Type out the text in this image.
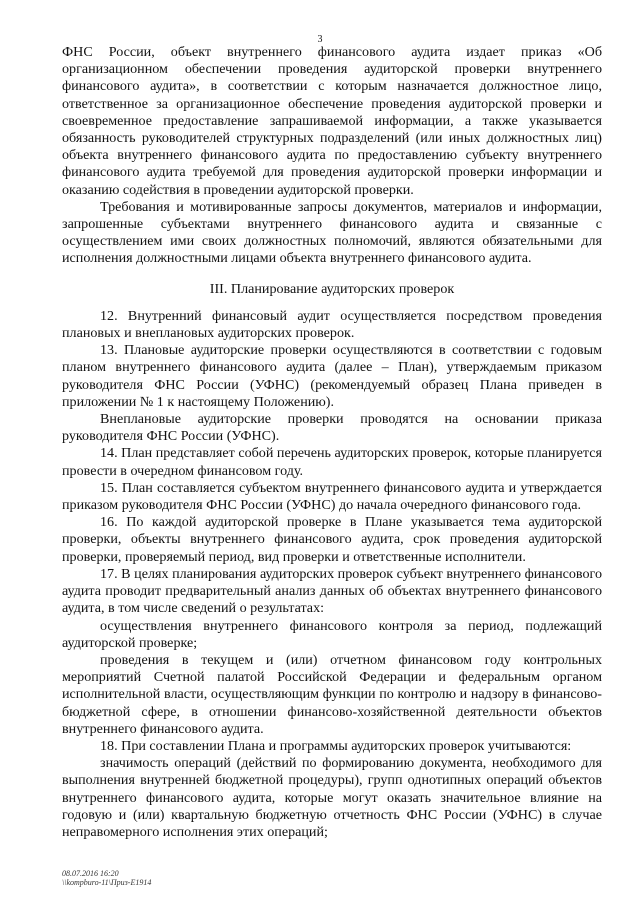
3

ФНС России, объект внутреннего финансового аудита издает приказ «Об организационном обеспечении проведения аудиторской проверки внутреннего финансового аудита», в соответствии с которым назначается должностное лицо, ответственное за организационное обеспечение проведения аудиторской проверки и своевременное предоставление запрашиваемой информации, а также указывается обязанность руководителей структурных подразделений (или иных должностных лиц) объекта внутреннего финансового аудита по предоставлению субъекту внутреннего финансового аудита требуемой для проведения аудиторской проверки информации и оказанию содействия в проведении аудиторской проверки.

Требования и мотивированные запросы документов, материалов и информации, запрошенные субъектами внутреннего финансового аудита и связанные с осуществлением ими своих должностных полномочий, являются обязательными для исполнения должностными лицами объекта внутреннего финансового аудита.

III. Планирование аудиторских проверок

12. Внутренний финансовый аудит осуществляется посредством проведения плановых и внеплановых аудиторских проверок.

13. Плановые аудиторские проверки осуществляются в соответствии с годовым планом внутреннего финансового аудита (далее – План), утверждаемым приказом руководителя ФНС России (УФНС) (рекомендуемый образец Плана приведен в приложении № 1 к настоящему Положению).

Внеплановые аудиторские проверки проводятся на основании приказа руководителя ФНС России (УФНС).

14. План представляет собой перечень аудиторских проверок, которые планируется провести в очередном финансовом году.

15. План составляется субъектом внутреннего финансового аудита и утверждается приказом руководителя ФНС России (УФНС) до начала очередного финансового года.

16. По каждой аудиторской проверке в Плане указывается тема аудиторской проверки, объекты внутреннего финансового аудита, срок проведения аудиторской проверки, проверяемый период, вид проверки и ответственные исполнители.

17. В целях планирования аудиторских проверок субъект внутреннего финансового аудита проводит предварительный анализ данных об объектах внутреннего финансового аудита, в том числе сведений о результатах:

осуществления внутреннего финансового контроля за период, подлежащий аудиторской проверке;

проведения в текущем и (или) отчетном финансовом году контрольных мероприятий Счетной палатой Российской Федерации и федеральным органом исполнительной власти, осуществляющим функции по контролю и надзору в финансово-бюджетной сфере, в отношении финансово-хозяйственной деятельности объектов внутреннего финансового аудита.

18. При составлении Плана и программы аудиторских проверок учитываются:

значимость операций (действий по формированию документа, необходимого для выполнения внутренней бюджетной процедуры), групп однотипных операций объектов внутреннего финансового аудита, которые могут оказать значительное влияние на годовую и (или) квартальную бюджетную отчетность ФНС России (УФНС) в случае неправомерного исполнения этих операций;

08.07.2016 16:20
\\kompburo-11\Приз-Е1914
